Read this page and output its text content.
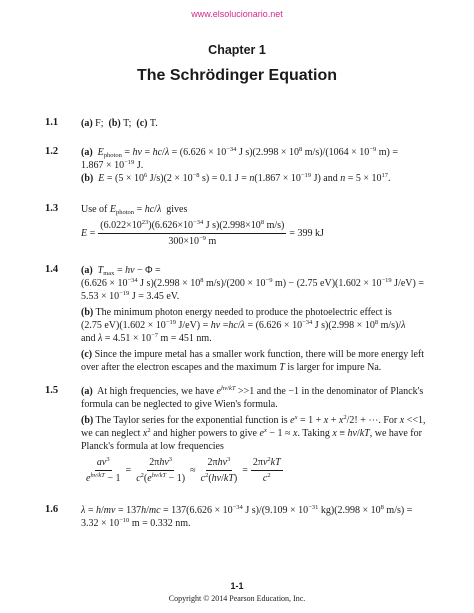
www.elsolucionario.net
Chapter 1
The Schrödinger Equation
1.1 (a) F;  (b) T;  (c) T.

1.2 (a) $E_{photon} = h\nu = hc/\lambda = (6.626 \times 10^{-34}$ J $s)(2.998 \times 10^8$ $m/s)/(1064 \times 10^{-9}$ m) =

$1.867 \times 10^{-19}$ J.

(b) $E = (5 \times 10^6$ $J/s)(2 \times 10^{-8}$ s) = 0.1 $J = n(1.867 \times 10^{-19}$ J) and $n = 5 \times 10^{17}$.

1.3 Use of $E_{photon} = hc/\lambda$  gives

$E = \frac{(6.022\times 10^{23})(6.626\times 10^{-34} J s)(2.998\times 10^8 m/s)}{300\times 10^{-9} m} = 399$ kJ
1.4 (a) $T_{max} = h\nu - \Phi$ =

($6.626 \times 10^{-34}$ J $s)(2.998 \times 10^8$ $m/s)/(200 \times 10^{-9}$ m) − (2.75 $eV)(1.602 \times 10^{-19}$ J/eV) =

$5.53 \times 10^{-19}$ J = 3.45 eV.

(b) The minimum photon energy needed to produce the photoelectric effect is

(2.75 $eV)(1.602 \times 10^{-19}$ $J/eV) = h\nu =hc/\lambda = (6.626 \times 10^{-34}$ J $s)(2.998 \times 10^8$ m/s)/λ

and $\lambda = 4.51 \times 10^{-7}$ m = 451 nm.

(c) Since the impure metal has a smaller work function, there will be more energy left

over after the electron escapes and the maximum T is larger for impure Na.

1.5 (a)  At high frequencies, we have $e^{h\nu/kT} >>1$ and the −1 in the denominator of Planck's

formula can be neglected to give Wien's formula.

(b) The Taylor series for the exponential function is $e^x = 1 + x + x^2/2$! + ⋯. For x <<1,

we can neglect $x^2$ and higher powers to give $e^x - 1 \approx x$. Taking x ≡ hν/kT, we have for

Planck's formula at low frequencies

$\frac{a\nu^3}{e^{h\nu/kT} - 1} = \frac{2\pi h\nu^3}{c^2(e^{h\nu/kT} - 1)} \approx \frac{2\pi h\nu^3}{c^2(h\nu/kT)} = \frac{2\pi\nu^2kT}{c^2}$
1.6 $\lambda = h/mv = 137h/mc = 137(6.626 \times 10^{-34}$ J $s)/(9.109 \times 10^{-31}$ $kg)(2.998 \times 10^8$ m/s) =

$3.32 \times 10^{-10}$ m = 0.332 nm.

1-1
Copyright © 2014 Pearson Education, Inc.
